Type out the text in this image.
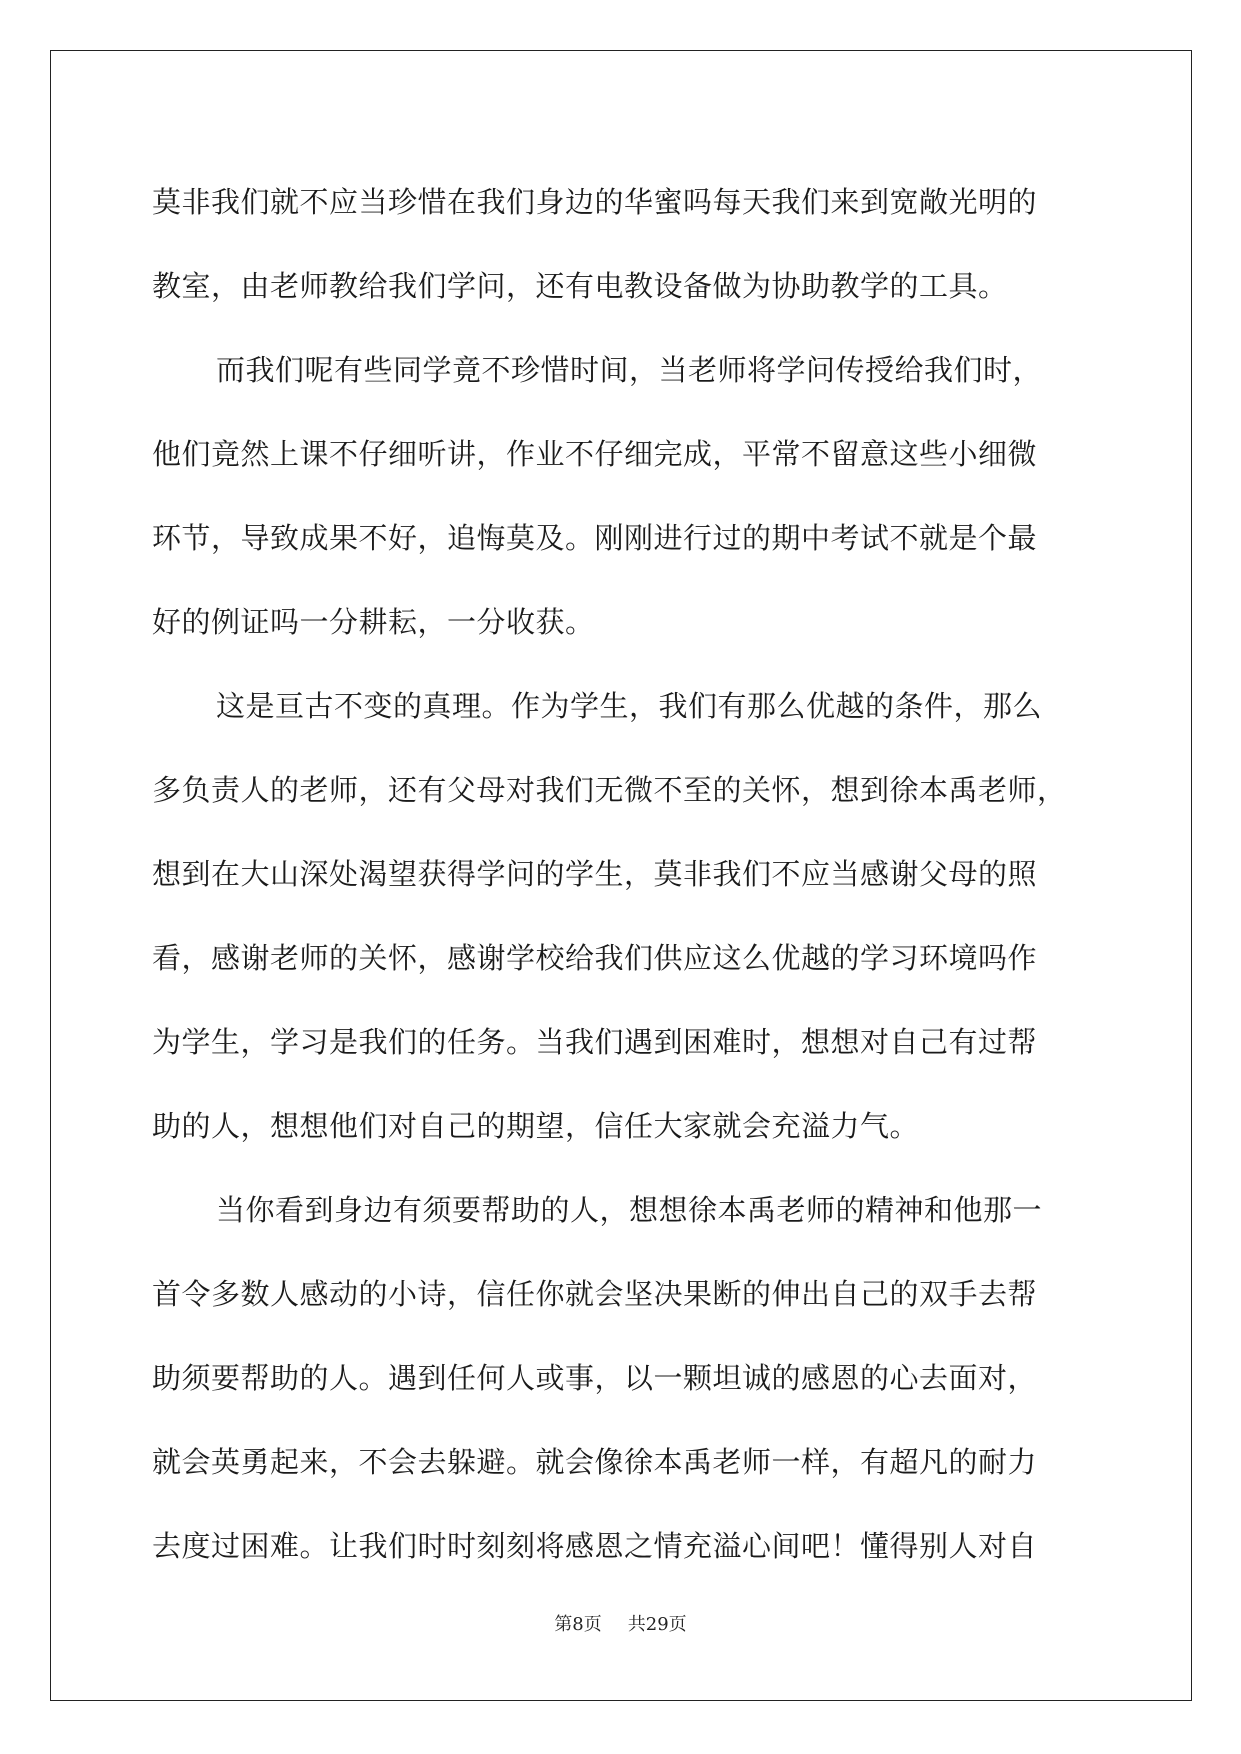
莫非我们就不应当珍惜在我们身边的华蜜吗每天我们来到宽敞光明的
教室，由老师教给我们学问，还有电教设备做为协助教学的工具。
而我们呢有些同学竟不珍惜时间，当老师将学问传授给我们时，
他们竟然上课不仔细听讲，作业不仔细完成，平常不留意这些小细微
环节，导致成果不好，追悔莫及。刚刚进行过的期中考试不就是个最
好的例证吗一分耕耘，一分收获。
这是亘古不变的真理。作为学生，我们有那么优越的条件，那么
多负责人的老师，还有父母对我们无微不至的关怀，想到徐本禹老师，
想到在大山深处渴望获得学问的学生，莫非我们不应当感谢父母的照
看，感谢老师的关怀，感谢学校给我们供应这么优越的学习环境吗作
为学生，学习是我们的任务。当我们遇到困难时，想想对自己有过帮
助的人，想想他们对自己的期望，信任大家就会充溢力气。
当你看到身边有须要帮助的人，想想徐本禹老师的精神和他那一
首令多数人感动的小诗，信任你就会坚决果断的伸出自己的双手去帮
助须要帮助的人。遇到任何人或事，以一颗坦诚的感恩的心去面对，
就会英勇起来，不会去躲避。就会像徐本禹老师一样，有超凡的耐力
去度过困难。让我们时时刻刻将感恩之情充溢心间吧！懂得别人对自
第8页 共29页
